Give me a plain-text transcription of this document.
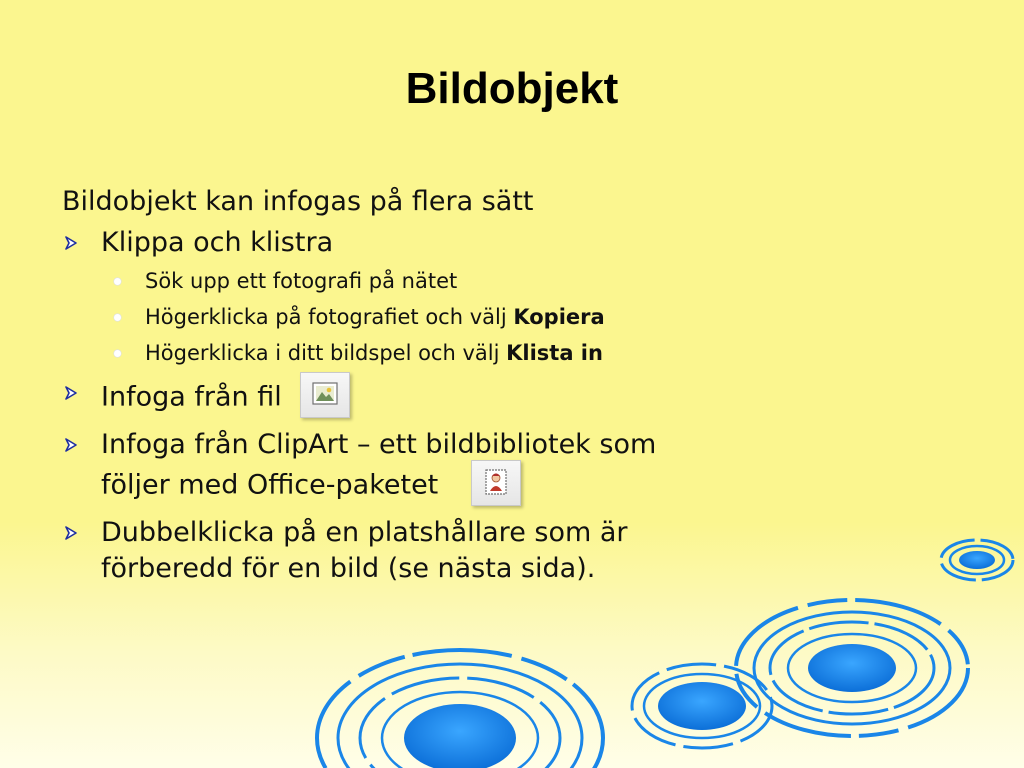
Bildobjekt

Bildobjekt kan infogas på flera sätt

Klippa och klistra
Sök upp ett fotografi på nätet
Högerklicka på fotografiet och välj Kopiera
Högerklicka i ditt bildspel och välj Klista in
Infoga från fil
Infoga från ClipArt – ett bildbibliotek som
följer med Office-paketet
Dubbelklicka på en platshållare som är
förberedd för en bild (se nästa sida).
